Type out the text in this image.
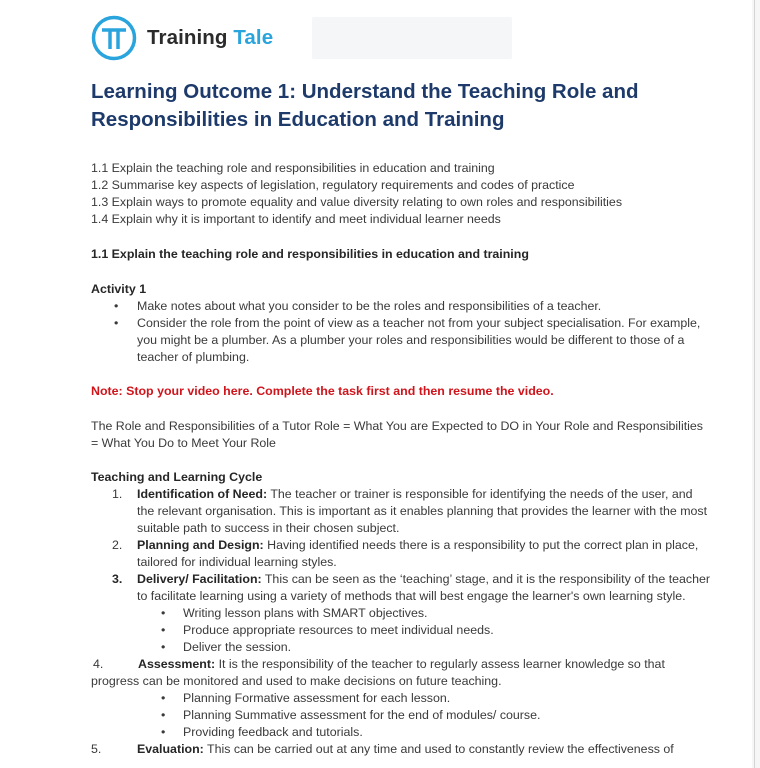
Training Tale
Learning Outcome 1: Understand the Teaching Role and Responsibilities in Education and Training

1.1 Explain the teaching role and responsibilities in education and training

1.2 Summarise key aspects of legislation, regulatory requirements and codes of practice

1.3 Explain ways to promote equality and value diversity relating to own roles and responsibilities

1.4 Explain why it is important to identify and meet individual learner needs

1.1 Explain the teaching role and responsibilities in education and training

Activity 1

• Make notes about what you consider to be the roles and responsibilities of a teacher.
• Consider the role from the point of view as a teacher not from your subject specialisation. For example, you might be a plumber. As a plumber your roles and responsibilities would be different to those of a teacher of plumbing.
Note: Stop your video here. Complete the task first and then resume the video.
The Role and Responsibilities of a Tutor Role = What You are Expected to DO in Your Role and Responsibilities = What You Do to Meet Your Role

Teaching and Learning Cycle

1. Identification of Need: The teacher or trainer is responsible for identifying the needs of the user, and the relevant organisation. This is important as it enables planning that provides the learner with the most suitable path to success in their chosen subject.
2. Planning and Design: Having identified needs there is a responsibility to put the correct plan in place, tailored for individual learning styles.
3. Delivery/ Facilitation: This can be seen as the ‘teaching’ stage, and it is the responsibility of the teacher to facilitate learning using a variety of methods that will best engage the learner's own learning style.
• Writing lesson plans with SMART objectives.
• Produce appropriate resources to meet individual needs.
• Deliver the session.

4.	Assessment: It is the responsibility of the teacher to regularly assess learner knowledge so that progress can be monitored and used to make decisions on future teaching.

• Planning Formative assessment for each lesson.
• Planning Summative assessment for the end of modules/ course.
• Providing feedback and tutorials.

5.	Evaluation: This can be carried out at any time and used to constantly review the effectiveness of
